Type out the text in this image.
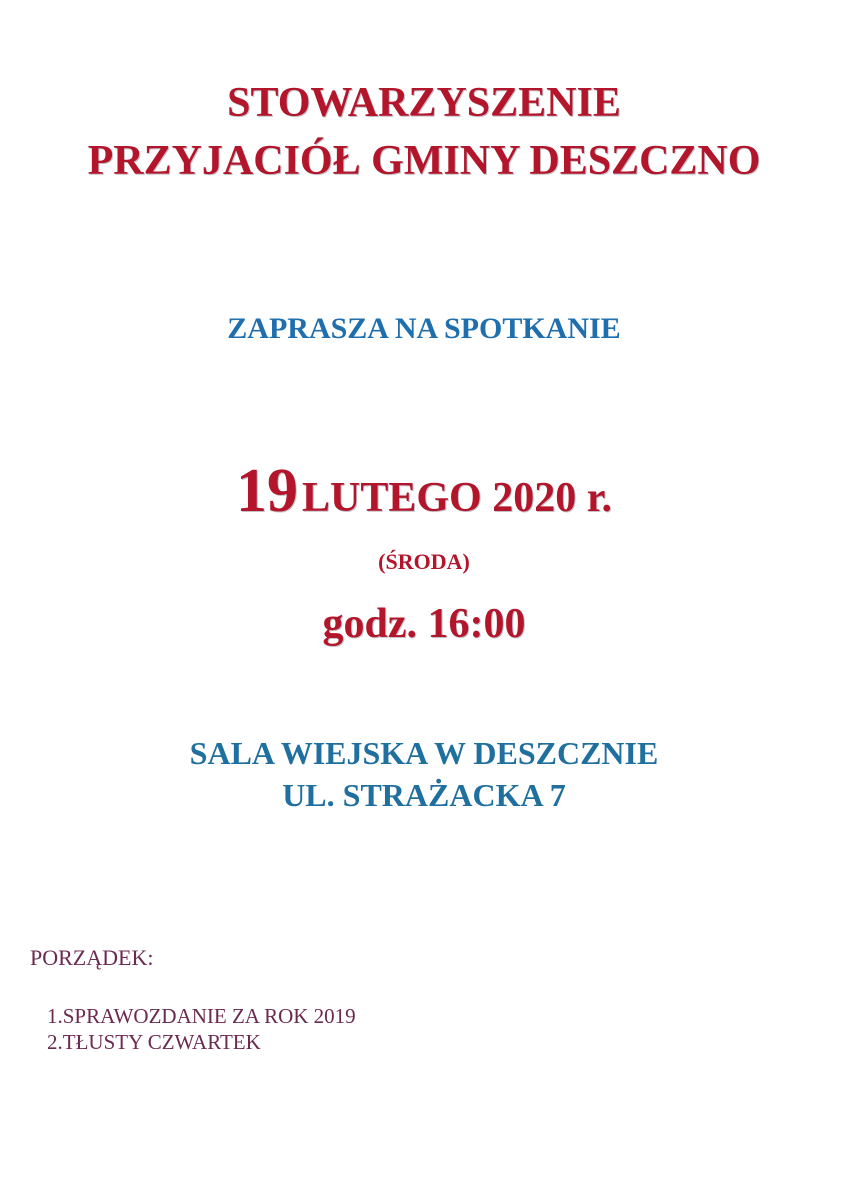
STOWARZYSZENIE
PRZYJACIÓŁ GMINY DESZCZNO
ZAPRASZA NA SPOTKANIE
19 LUTEGO 2020 r.
(ŚRODA)
godz. 16:00
SALA WIEJSKA W DESZCZNIE
UL. STRAŻACKA 7
PORZĄDEK:
1.SPRAWOZDANIE ZA ROK 2019
2.TŁUSTY CZWARTEK
